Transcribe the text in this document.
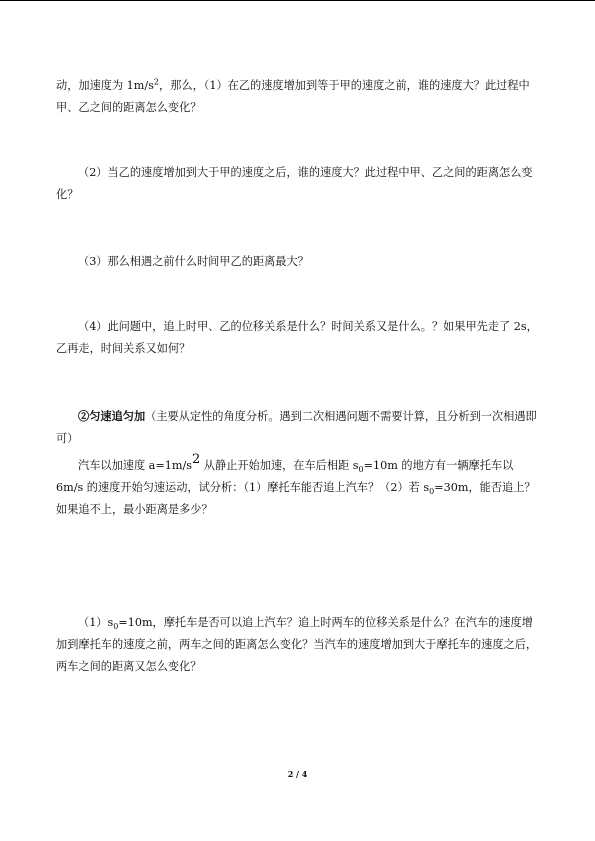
动，加速度为 $1m/s^2$，那么，（1）在乙的速度增加到等于甲的速度之前，谁的速度大？此过程中甲、乙之间的距离怎么变化？

（2）当乙的速度增加到大于甲的速度之后，谁的速度大？此过程中甲、乙之间的距离怎么变化？

（3）那么相遇之前什么时间甲乙的距离最大？

（4）此问题中，追上时甲、乙的位移关系是什么？时间关系又是什么。？如果甲先走了 2s，乙再走，时间关系又如何？

②匀速追匀加（主要从定性的角度分析。遇到二次相遇问题不需要计算，且分析到一次相遇即可）

汽车以加速度 a=1m/s2 从静止开始加速，在车后相距 $s_0=10m$ 的地方有一辆摩托车以 6m/s 的速度开始匀速运动，试分析：（1）摩托车能否追上汽车？（2）若 $s_0=30m$，能否追上？如果追不上，最小距离是多少？

$(1)s_0=10m$，摩托车是否可以追上汽车？追上时两车的位移关系是什么？在汽车的速度增加到摩托车的速度之前，两车之间的距离怎么变化？当汽车的速度增加到大于摩托车的速度之后，两车之间的距离又怎么变化？

2 / 4
